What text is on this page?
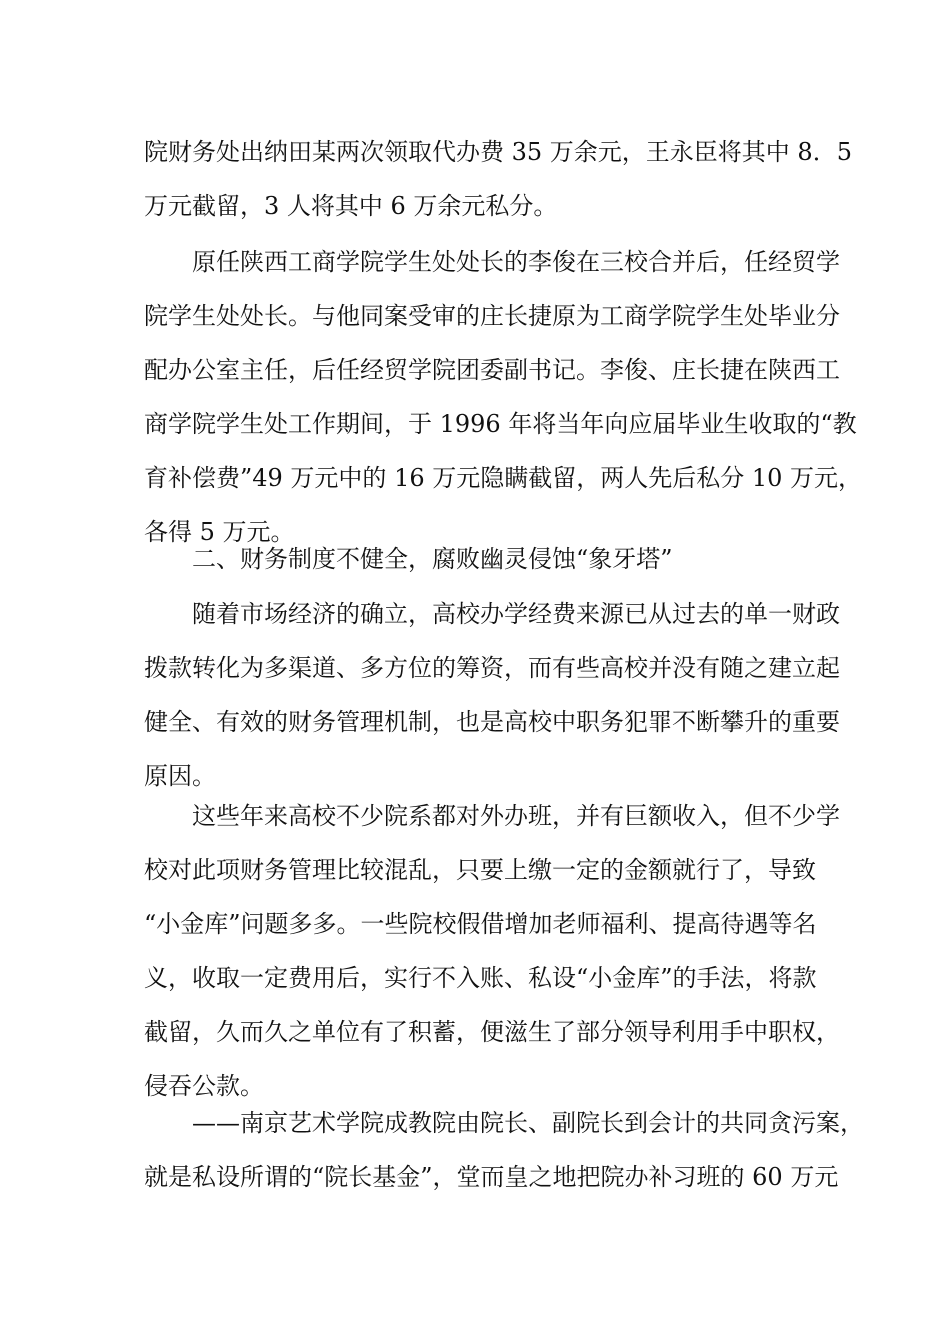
院财务处出纳田某两次领取代办费 35 万余元，王永臣将其中 8．5
万元截留，3 人将其中 6 万余元私分。
　　原任陕西工商学院学生处处长的李俊在三校合并后，任经贸学
院学生处处长。与他同案受审的庄长捷原为工商学院学生处毕业分
配办公室主任，后任经贸学院团委副书记。李俊、庄长捷在陕西工
商学院学生处工作期间，于 1996 年将当年向应届毕业生收取的“教
育补偿费”49 万元中的 16 万元隐瞒截留，两人先后私分 10 万元，
各得 5 万元。
　　二、财务制度不健全，腐败幽灵侵蚀“象牙塔”
　　随着市场经济的确立，高校办学经费来源已从过去的单一财政
拨款转化为多渠道、多方位的筹资，而有些高校并没有随之建立起
健全、有效的财务管理机制，也是高校中职务犯罪不断攀升的重要
原因。
　　这些年来高校不少院系都对外办班，并有巨额收入，但不少学
校对此项财务管理比较混乱，只要上缴一定的金额就行了，导致
“小金库”问题多多。一些院校假借增加老师福利、提高待遇等名
义，收取一定费用后，实行不入账、私设“小金库”的手法，将款
截留，久而久之单位有了积蓄，便滋生了部分领导利用手中职权，
侵吞公款。
　　——南京艺术学院成教院由院长、副院长到会计的共同贪污案，
就是私设所谓的“院长基金”，堂而皇之地把院办补习班的 60 万元
